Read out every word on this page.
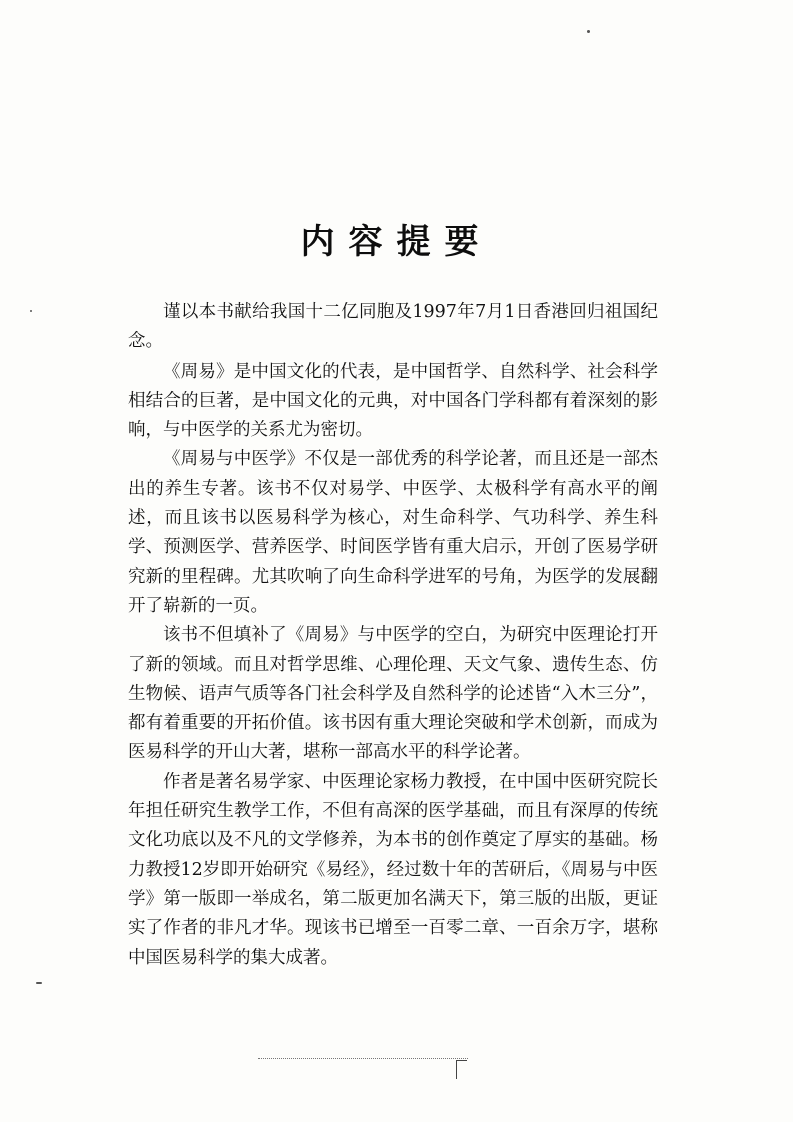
内容提要

谨以本书献给我国十二亿同胞及1997年7月1日香港回归祖国纪念。

《周易》是中国文化的代表，是中国哲学、自然科学、社会科学相结合的巨著，是中国文化的元典，对中国各门学科都有着深刻的影响，与中医学的关系尤为密切。

《周易与中医学》不仅是一部优秀的科学论著，而且还是一部杰出的养生专著。该书不仅对易学、中医学、太极科学有高水平的阐述，而且该书以医易科学为核心，对生命科学、气功科学、养生科学、预测医学、营养医学、时间医学皆有重大启示，开创了医易学研究新的里程碑。尤其吹响了向生命科学进军的号角，为医学的发展翻开了崭新的一页。

该书不但填补了《周易》与中医学的空白，为研究中医理论打开了新的领域。而且对哲学思维、心理伦理、天文气象、遗传生态、仿生物候、语声气质等各门社会科学及自然科学的论述皆“入木三分”，都有着重要的开拓价值。该书因有重大理论突破和学术创新，而成为医易科学的开山大著，堪称一部高水平的科学论著。

作者是著名易学家、中医理论家杨力教授，在中国中医研究院长年担任研究生教学工作，不但有高深的医学基础，而且有深厚的传统文化功底以及不凡的文学修养，为本书的创作奠定了厚实的基础。杨力教授12岁即开始研究《易经》，经过数十年的苦研后，《周易与中医学》第一版即一举成名，第二版更加名满天下，第三版的出版，更证实了作者的非凡才华。现该书已增至一百零二章、一百余万字，堪称中国医易科学的集大成著。
